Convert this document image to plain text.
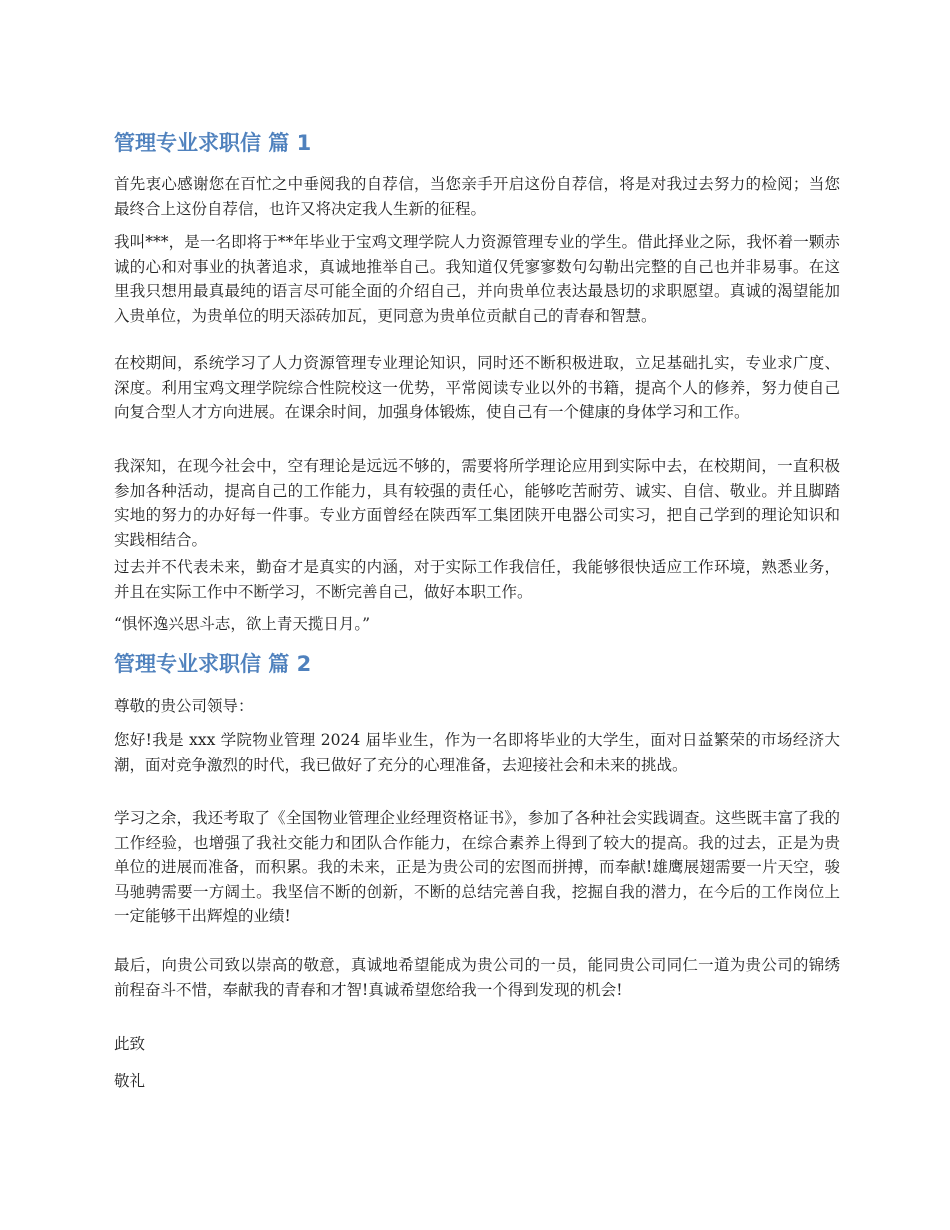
管理专业求职信 篇 1

首先衷心感谢您在百忙之中垂阅我的自荐信，当您亲手开启这份自荐信，将是对我过去努力的检阅；当您最终合上这份自荐信，也许又将决定我人生新的征程。

我叫***，是一名即将于**年毕业于宝鸡文理学院人力资源管理专业的学生。借此择业之际，我怀着一颗赤诚的心和对事业的执著追求，真诚地推举自己。我知道仅凭寥寥数句勾勒出完整的自己也并非易事。在这里我只想用最真最纯的语言尽可能全面的介绍自己，并向贵单位表达最恳切的求职愿望。真诚的渴望能加入贵单位，为贵单位的明天添砖加瓦，更同意为贵单位贡献自己的青春和智慧。

在校期间，系统学习了人力资源管理专业理论知识，同时还不断积极进取，立足基础扎实，专业求广度、深度。利用宝鸡文理学院综合性院校这一优势，平常阅读专业以外的书籍，提高个人的修养，努力使自己向复合型人才方向进展。在课余时间，加强身体锻炼，使自己有一个健康的身体学习和工作。

我深知，在现今社会中，空有理论是远远不够的，需要将所学理论应用到实际中去，在校期间，一直积极参加各种活动，提高自己的工作能力，具有较强的责任心，能够吃苦耐劳、诚实、自信、敬业。并且脚踏实地的努力的办好每一件事。专业方面曾经在陕西军工集团陕开电器公司实习，把自己学到的理论知识和实践相结合。

过去并不代表未来，勤奋才是真实的内涵，对于实际工作我信任，我能够很快适应工作环境，熟悉业务，并且在实际工作中不断学习，不断完善自己，做好本职工作。

“惧怀逸兴思斗志，欲上青天揽日月。”

管理专业求职信 篇 2

尊敬的贵公司领导：

您好!我是 xxx 学院物业管理 2024 届毕业生，作为一名即将毕业的大学生，面对日益繁荣的市场经济大潮，面对竞争激烈的时代，我已做好了充分的心理准备，去迎接社会和未来的挑战。

学习之余，我还考取了《全国物业管理企业经理资格证书》，参加了各种社会实践调查。这些既丰富了我的工作经验，也增强了我社交能力和团队合作能力，在综合素养上得到了较大的提高。我的过去，正是为贵单位的进展而准备，而积累。我的未来，正是为贵公司的宏图而拼搏，而奉献!雄鹰展翅需要一片天空，骏马驰骋需要一方阔土。我坚信不断的创新，不断的总结完善自我，挖掘自我的潜力，在今后的工作岗位上一定能够干出辉煌的业绩!

最后，向贵公司致以崇高的敬意，真诚地希望能成为贵公司的一员，能同贵公司同仁一道为贵公司的锦绣前程奋斗不惜，奉献我的青春和才智!真诚希望您给我一个得到发现的机会!

此致

敬礼
